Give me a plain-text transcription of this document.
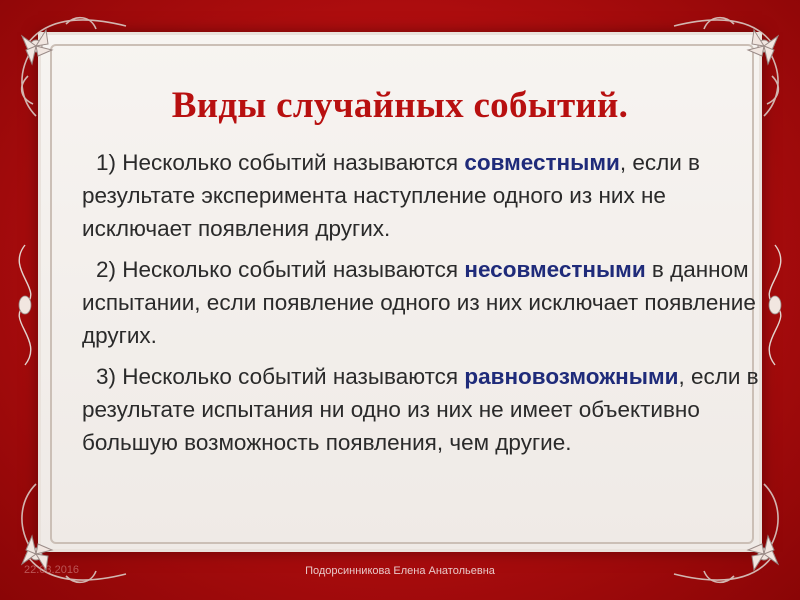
Виды случайных событий.

1) Несколько событий называются совместными, если в результате эксперимента наступление одного из них не исключает появления других.

2) Несколько событий называются несовместными в данном испытании, если появление одного из них исключает появление других.

3) Несколько событий называются равновозможными, если в результате испытания ни одно из них не имеет объективно большую возможность появления, чем другие.

22.03.2016	Подорсинникова Елена Анатольевна
